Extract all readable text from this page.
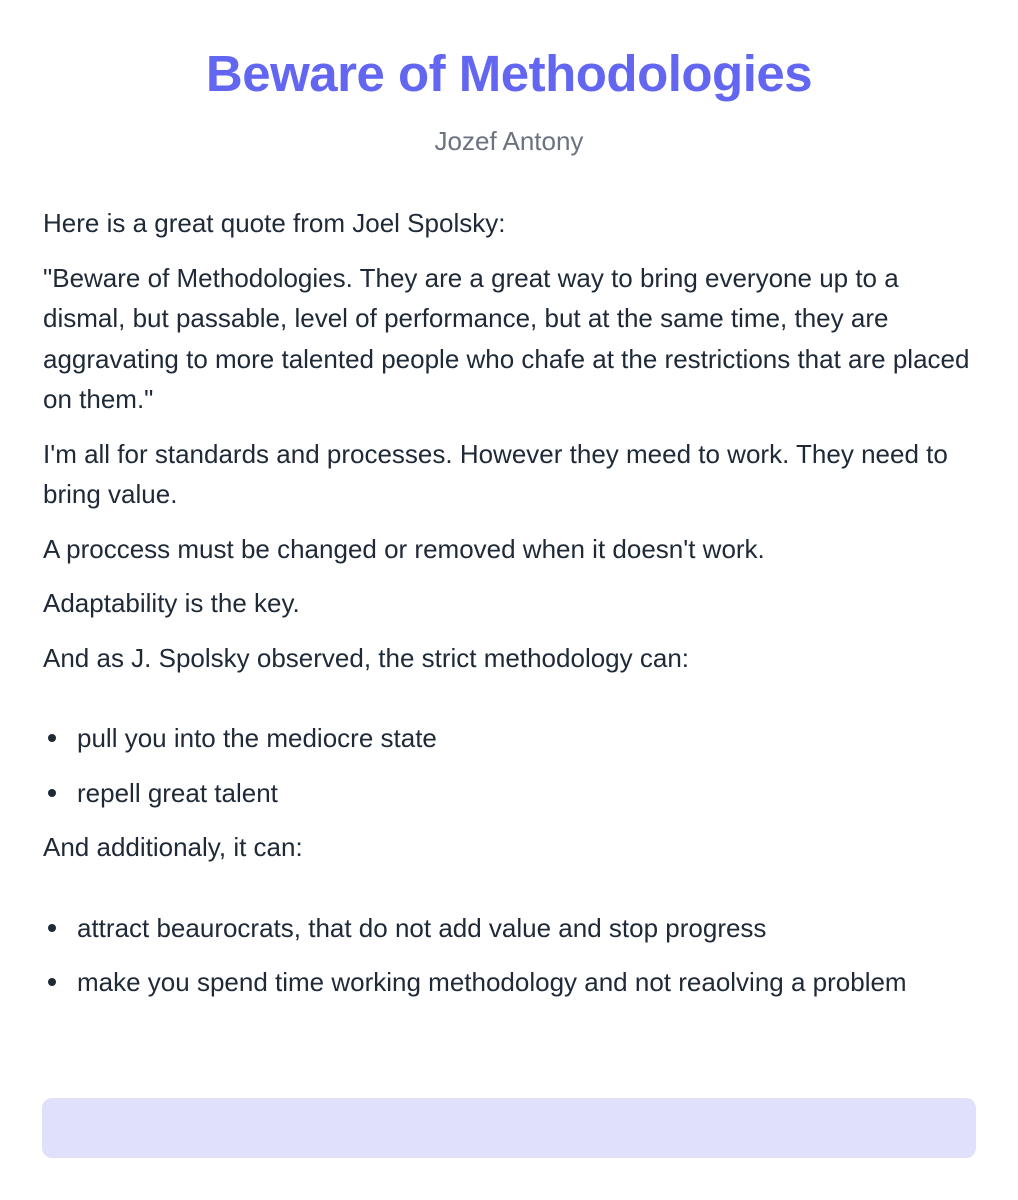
Beware of Methodologies
Jozef Antony

Here is a great quote from Joel Spolsky:

"Beware of Methodologies. They are a great way to bring everyone up to a dismal, but passable, level of performance, but at the same time, they are aggravating to more talented people who chafe at the restrictions that are placed on them."

I'm all for standards and processes. However they meed to work. They need to bring value.

A proccess must be changed or removed when it doesn't work.

Adaptability is the key.

And as J. Spolsky observed, the strict methodology can:

pull you into the mediocre state
repell great talent

And additionaly, it can:

attract beaurocrats, that do not add value and stop progress
make you spend time working methodology and not reaolving a problem
